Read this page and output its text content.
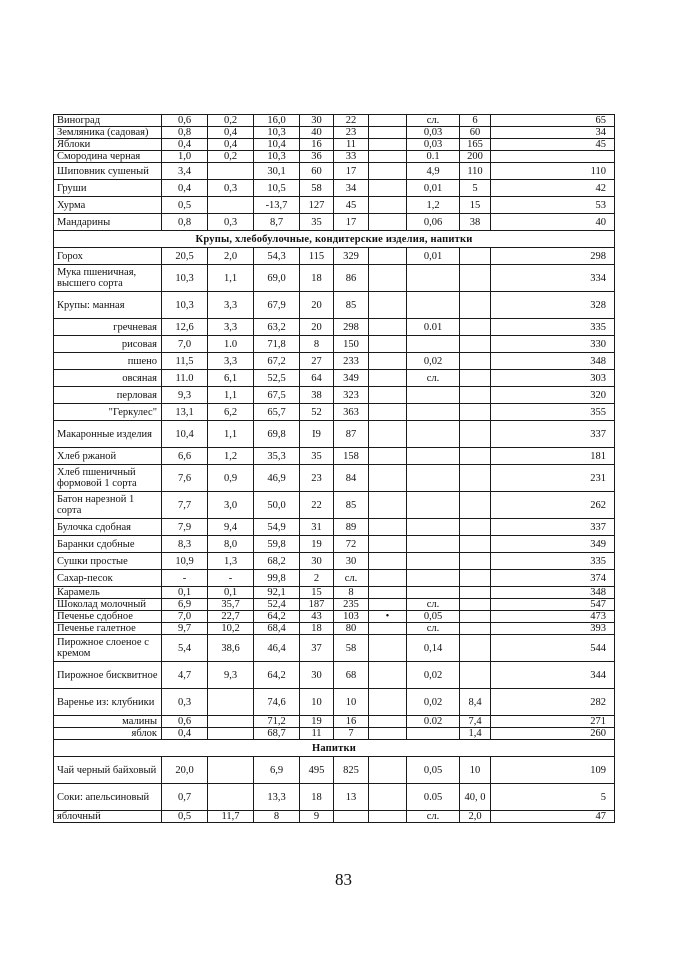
Виноград	0,6	0,2	16,0	30	22		сл.	6	65
Земляника (садовая)	0,8	0,4	10,3	40	23		0,03	60	34
Яблоки	0,4	0,4	10,4	16	11		0,03	165	45
Смородина черная	1,0	0,2	10,3	36	33		0.1	200	
Шиповник сушеный	3,4		30,1	60	17		4,9	110	110
Груши	0,4	0,3	10,5	58	34		0,01	5	42
Хурма	0,5		-13,7	127	45		1,2	15	53
Мандарины	0,8	0,3	8,7	35	17		0,06	38	40
Крупы, хлебобулочные, кондитерские изделия, напитки									
Горох	20,5	2,0	54,3	115	329		0,01		298
Мука пшеничная, высшего сорта	10,3	1,1	69,0	18	86				334
Крупы: манная	10,3	3,3	67,9	20	85				328
гречневая	12,6	3,3	63,2	20	298		0.01		335
рисовая	7,0	1.0	71,8	8	150				330
пшено	11,5	3,3	67,2	27	233		0,02		348
овсяная	11.0	6,1	52,5	64	349		сл.		303
перловая	9,3	1,1	67,5	38	323				320
"Геркулес"	13,1	6,2	65,7	52	363				355
Макаронные изделия	10,4	1,1	69,8	I9	87				337
Хлеб ржаной	6,6	1,2	35,3	35	158				181
Хлеб пшеничный формовой 1 сорта	7,6	0,9	46,9	23	84				231
Батон нарезной 1 сорта	7,7	3,0	50,0	22	85				262
Булочка сдобная	7,9	9,4	54,9	31	89				337
Баранки сдобные	8,3	8,0	59,8	19	72				349
Сушки простые	10,9	1,3	68,2	30	30				335
Сахар-песок	-	-	99,8	2	сл.				374
Карамель	0,1	0,1	92,1	15	8				348
Шоколад молочный	6,9	35,7	52,4	187	235		сл.		547
Печенье сдобное	7,0	22,7	64,2	43	103	•	0,05		473
Печенье галетное	9,7	10,2	68,4	18	80		сл.		393
Пирожное слоеное с кремом	5,4	38,6	46,4	37	58		0,14		544
Пирожное бисквитное	4,7	9,3	64,2	30	68		0,02		344
Варенье из: клубники	0,3		74,6	10	10		0,02	8,4	282
малины	0,6		71,2	19	16		0.02	7,4	271
яблок	0,4		68,7	11	7			1,4	260
Напитки									
Чай черный байховый	20,0		6,9	495	825		0,05	10	109
Соки: апельсиновый	0,7		13,3	18	13		0.05	40, 0	5
яблочный	0,5	11,7	8	9			сл.	2,0	47
83
